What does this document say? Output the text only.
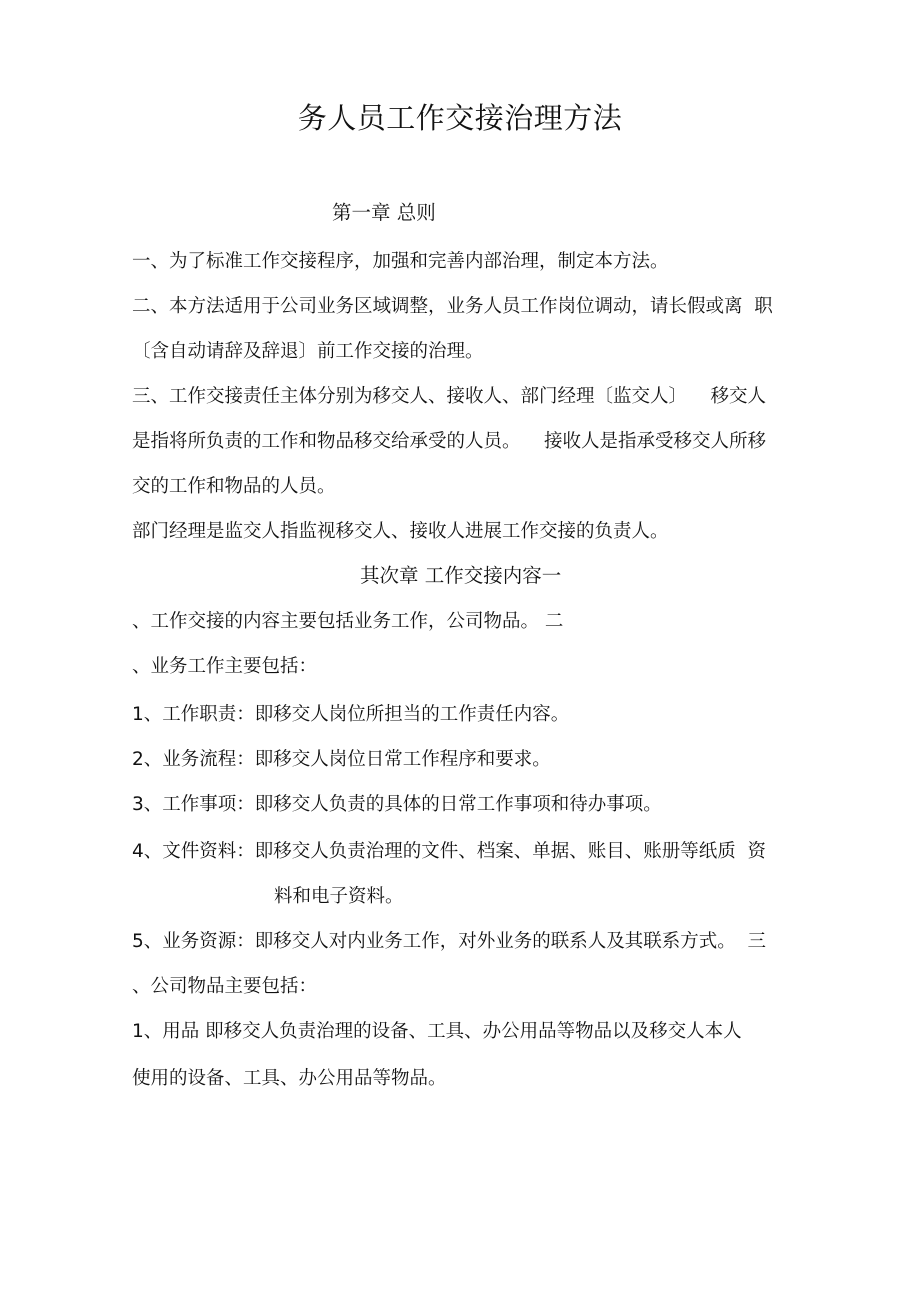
务人员工作交接治理方法
第一章 总则
一、为了标准工作交接程序，加强和完善内部治理，制定本方法。
二、本方法适用于公司业务区域调整，业务人员工作岗位调动，请长假或离  职
〔含自动请辞及辞退〕前工作交接的治理。
三、工作交接责任主体分别为移交人、接收人、部门经理〔监交人〕    移交人
是指将所负责的工作和物品移交给承受的人员。    接收人是指承受移交人所移
交的工作和物品的人员。
部门经理是监交人指监视移交人、接收人进展工作交接的负责人。
其次章 工作交接内容一
、工作交接的内容主要包括业务工作，公司物品。 二
、业务工作主要包括：
1、工作职责：即移交人岗位所担当的工作责任内容。
2、业务流程：即移交人岗位日常工作程序和要求。
3、工作事项：即移交人负责的具体的日常工作事项和待办事项。
4、文件资料：即移交人负责治理的文件、档案、单据、账目、账册等纸质  资
料和电子资料。
5、业务资源：即移交人对内业务工作，对外业务的联系人及其联系方式。  三
、公司物品主要包括：
1、用品 即移交人负责治理的设备、工具、办公用品等物品以及移交人本人
使用的设备、工具、办公用品等物品。
